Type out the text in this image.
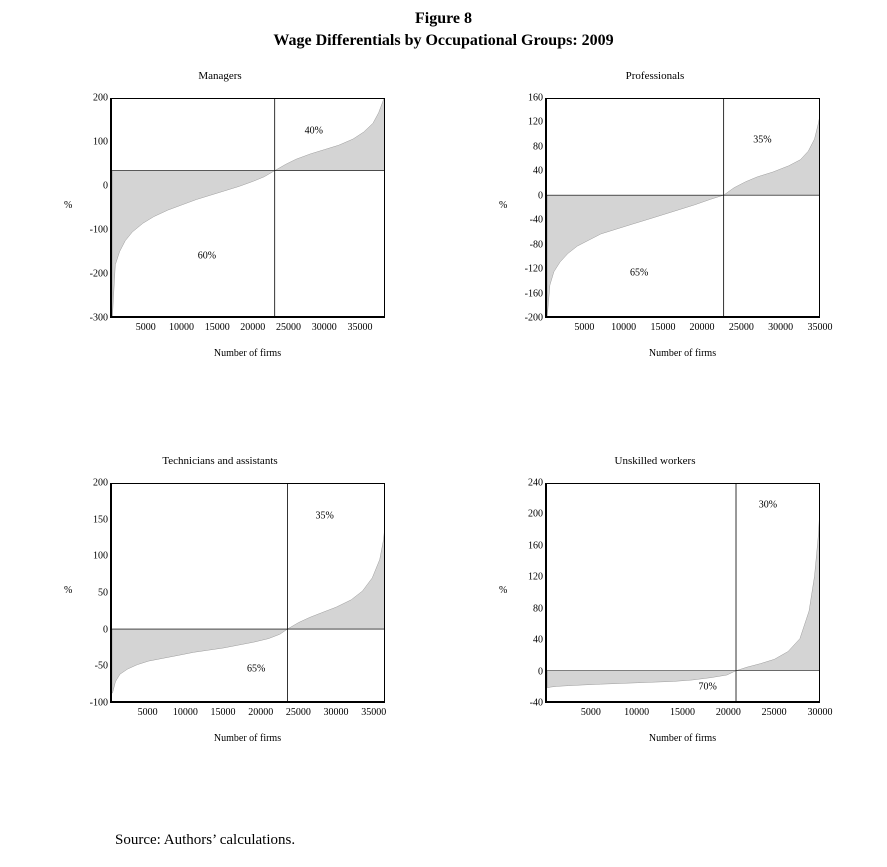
Figure 8
Wage Differentials by Occupational Groups: 2009
Managers
%
Number of firms
200
100
0
-100
-200
-300
5000 10000 15000 20000 25000 30000 35000
40%
60%
Professionals
%
Number of firms
160
120
80
40
0
-40
-80
-120
-160
-200
5000 10000 15000 20000 25000 30000 35000
35%
65%
Technicians and assistants
%
Number of firms
200
150
100
50
0
-50
-100
5000 10000 15000 20000 25000 30000 35000
35%
65%
Unskilled workers
%
Number of firms
240
200
160
120
80
40
0
-40
5000 10000 15000 20000 25000 30000
30%
70%
Source: Authors’ calculations.
